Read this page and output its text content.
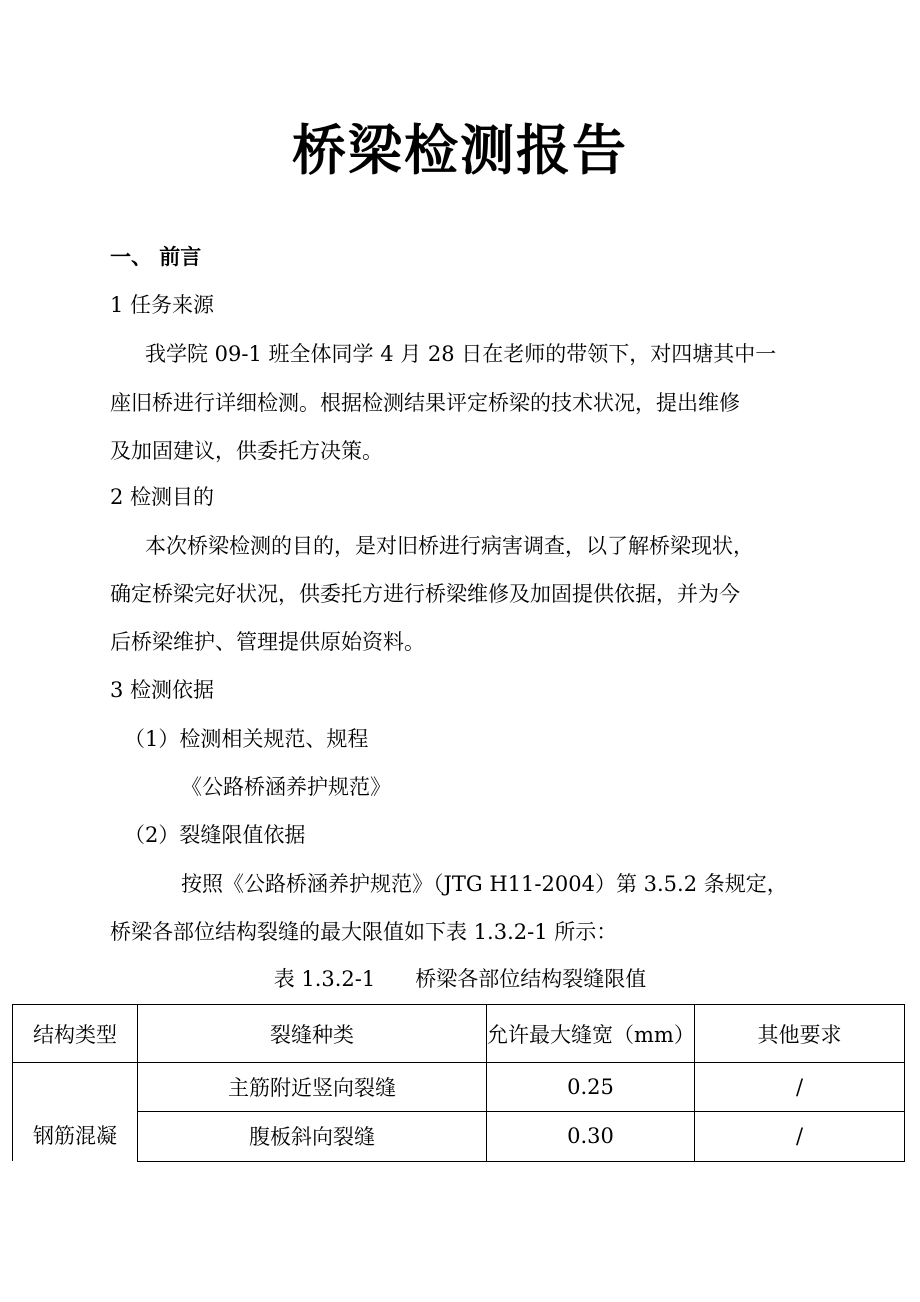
桥梁检测报告

一、 前言

1 任务来源

我学院 09-1 班全体同学 4 月 28 日在老师的带领下，对四塘其中一

座旧桥进行详细检测。根据检测结果评定桥梁的技术状况，提出维修

及加固建议，供委托方决策。

2 检测目的

本次桥梁检测的目的，是对旧桥进行病害调查，以了解桥梁现状，

确定桥梁完好状况，供委托方进行桥梁维修及加固提供依据，并为今

后桥梁维护、管理提供原始资料。

3 检测依据

（1）检测相关规范、规程

《公路桥涵养护规范》

（2）裂缝限值依据

按照《公路桥涵养护规范》（JTG H11-2004）第 3.5.2 条规定，

桥梁各部位结构裂缝的最大限值如下表 1.3.2-1 所示：

表 1.3.2-1      桥梁各部位结构裂缝限值
结构类型	裂缝种类	允许最大缝宽（mm）	其他要求

钢筋混凝	主筋附近竖向裂缝	0.25	/
	腹板斜向裂缝	0.30	/
